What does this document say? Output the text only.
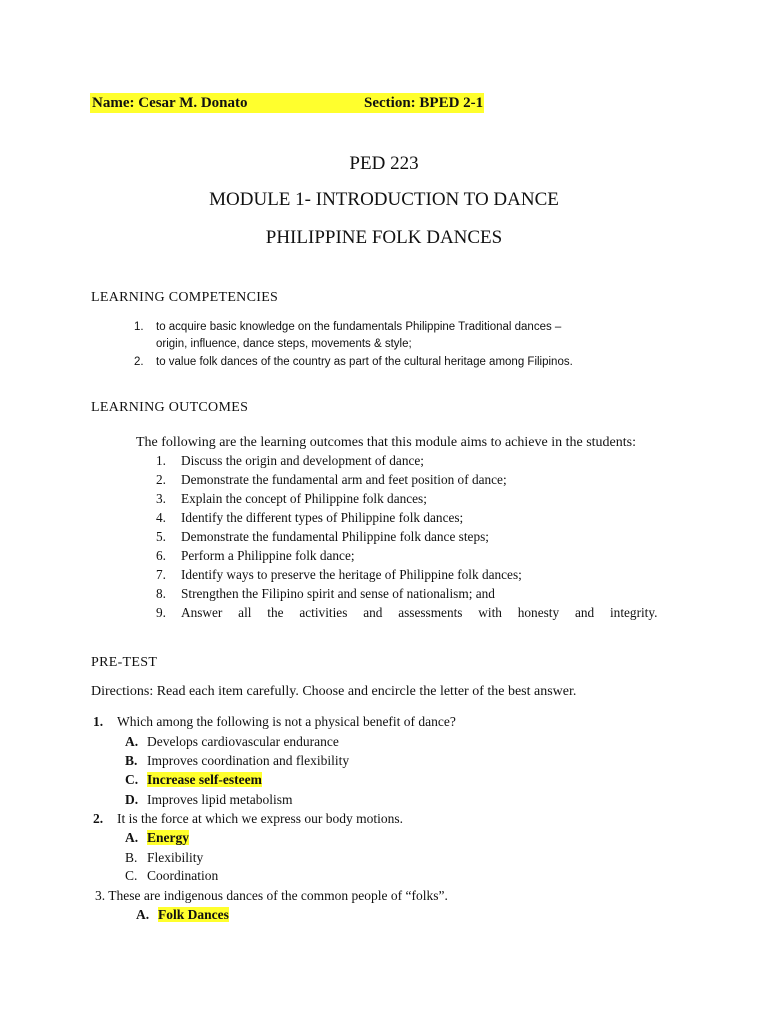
Name: Cesar M. Donato	Section: BPED 2-1
PED 223
MODULE 1- INTRODUCTION TO DANCE
PHILIPPINE FOLK DANCES
LEARNING COMPETENCIES
1. to acquire basic knowledge on the fundamentals Philippine Traditional dances –
origin, influence, dance steps, movements & style;
2. to value folk dances of the country as part of the cultural heritage among Filipinos.
LEARNING OUTCOMES
The following are the learning outcomes that this module aims to achieve in the students:
1. Discuss the origin and development of dance;
2. Demonstrate the fundamental arm and feet position of dance;
3. Explain the concept of Philippine folk dances;
4. Identify the different types of Philippine folk dances;
5. Demonstrate the fundamental Philippine folk dance steps;
6. Perform a Philippine folk dance;
7. Identify ways to preserve the heritage of Philippine folk dances;
8. Strengthen the Filipino spirit and sense of nationalism; and
9. Answer all the activities and assessments with honesty and integrity.
PRE-TEST
Directions: Read each item carefully. Choose and encircle the letter of the best answer.
1. Which among the following is not a physical benefit of dance?
A. Develops cardiovascular endurance
B. Improves coordination and flexibility
C. Increase self-esteem
D. Improves lipid metabolism
2. It is the force at which we express our body motions.
A. Energy
B. Flexibility
C. Coordination
3. These are indigenous dances of the common people of “folks”.
A. Folk Dances
